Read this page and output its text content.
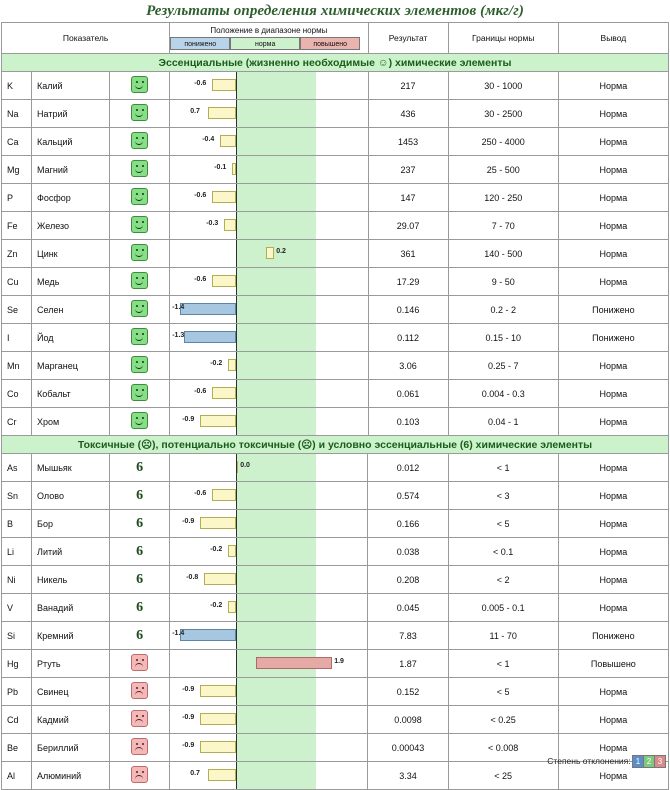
Результаты определения химических элементов (мкг/г)
Показатель			Положение в диапазоне нормы
понижено норма повышено	Результат	Границы нормы	Вывод
Эссенциальные (жизненно необходимые ☺) химические элементы						
K	Калий		-0.6	217	30 - 1000	Норма
Na	Натрий		0.7	436	30 - 2500	Норма
Ca	Кальций		-0.4	1453	250 - 4000	Норма
Mg	Магний		-0.1	237	25 - 500	Норма
P	Фосфор		-0.6	147	120 - 250	Норма
Fe	Железо		-0.3	29.07	7 - 70	Норма
Zn	Цинк		0.2	361	140 - 500	Норма
Cu	Медь		-0.6	17.29	9 - 50	Норма
Se	Селен		-1.4	0.146	0.2 - 2	Понижено
I	Йод		-1.3	0.112	0.15 - 10	Понижено
Mn	Марганец		-0.2	3.06	0.25 - 7	Норма
Co	Кобальт		-0.6	0.061	0.004 - 0.3	Норма
Cr	Хром		-0.9	0.103	0.04 - 1	Норма
Токсичные (☹), потенциально токсичные (☹) и условно эссенциальные (6) химические элементы						

As	Мышьяк	6	0.0	0.012	< 1	Норма
Sn	Олово	6	-0.6	0.574	< 3	Норма
B	Бор	6	-0.9	0.166	< 5	Норма
Li	Литий	6	-0.2	0.038	< 0.1	Норма
Ni	Никель	6	-0.8	0.208	< 2	Норма
V	Ванадий	6	-0.2	0.045	0.005 - 0.1	Норма
Si	Кремний	6	-1.4	7.83	11 - 70	Понижено
Hg	Ртуть		1.9	1.87	< 1	Повышено
Pb	Свинец		-0.9	0.152	< 5	Норма
Cd	Кадмий		-0.9	0.0098	< 0.25	Норма
Be	Бериллий		-0.9	0.00043	< 0.008	Норма
Al	Алюминий		0.7	3.34	< 25	Норма
Степень отклонения: 1 2 3
